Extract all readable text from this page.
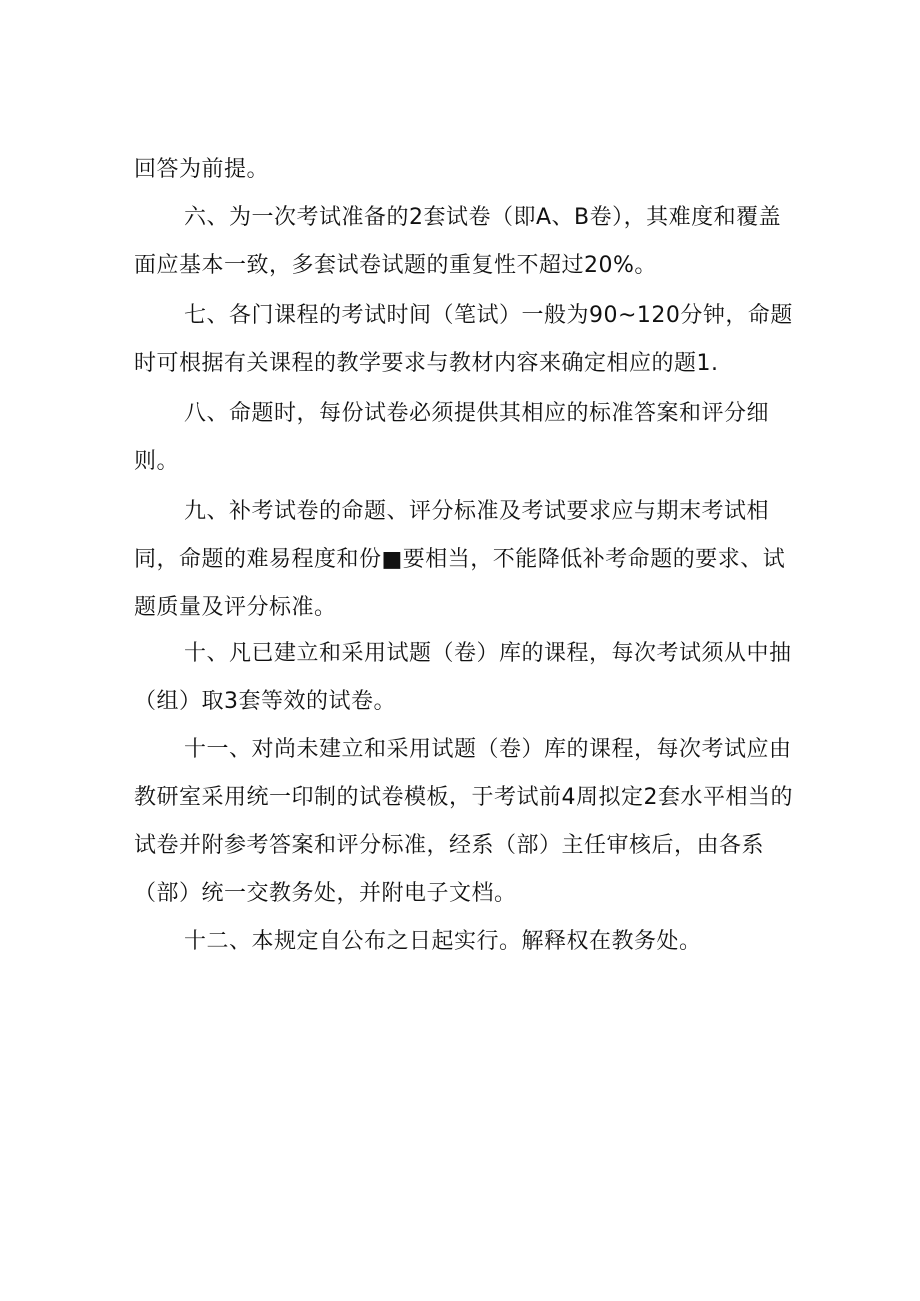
回答为前提。

六、为一次考试准备的2套试卷（即A、B卷），其难度和覆盖面应基本一致，多套试卷试题的重复性不超过20%。

七、各门课程的考试时间（笔试）一般为90~120分钟，命题时可根据有关课程的教学要求与教材内容来确定相应的题1.

八、命题时，每份试卷必须提供其相应的标准答案和评分细则。

九、补考试卷的命题、评分标准及考试要求应与期末考试相同，命题的难易程度和份■要相当，不能降低补考命题的要求、试题质量及评分标准。

十、凡已建立和采用试题（卷）库的课程，每次考试须从中抽（组）取3套等效的试卷。

十一、对尚未建立和采用试题（卷）库的课程，每次考试应由教研室采用统一印制的试卷模板，于考试前4周拟定2套水平相当的试卷并附参考答案和评分标准，经系（部）主任审核后，由各系（部）统一交教务处，并附电子文档。

十二、本规定自公布之日起实行。解释权在教务处。
